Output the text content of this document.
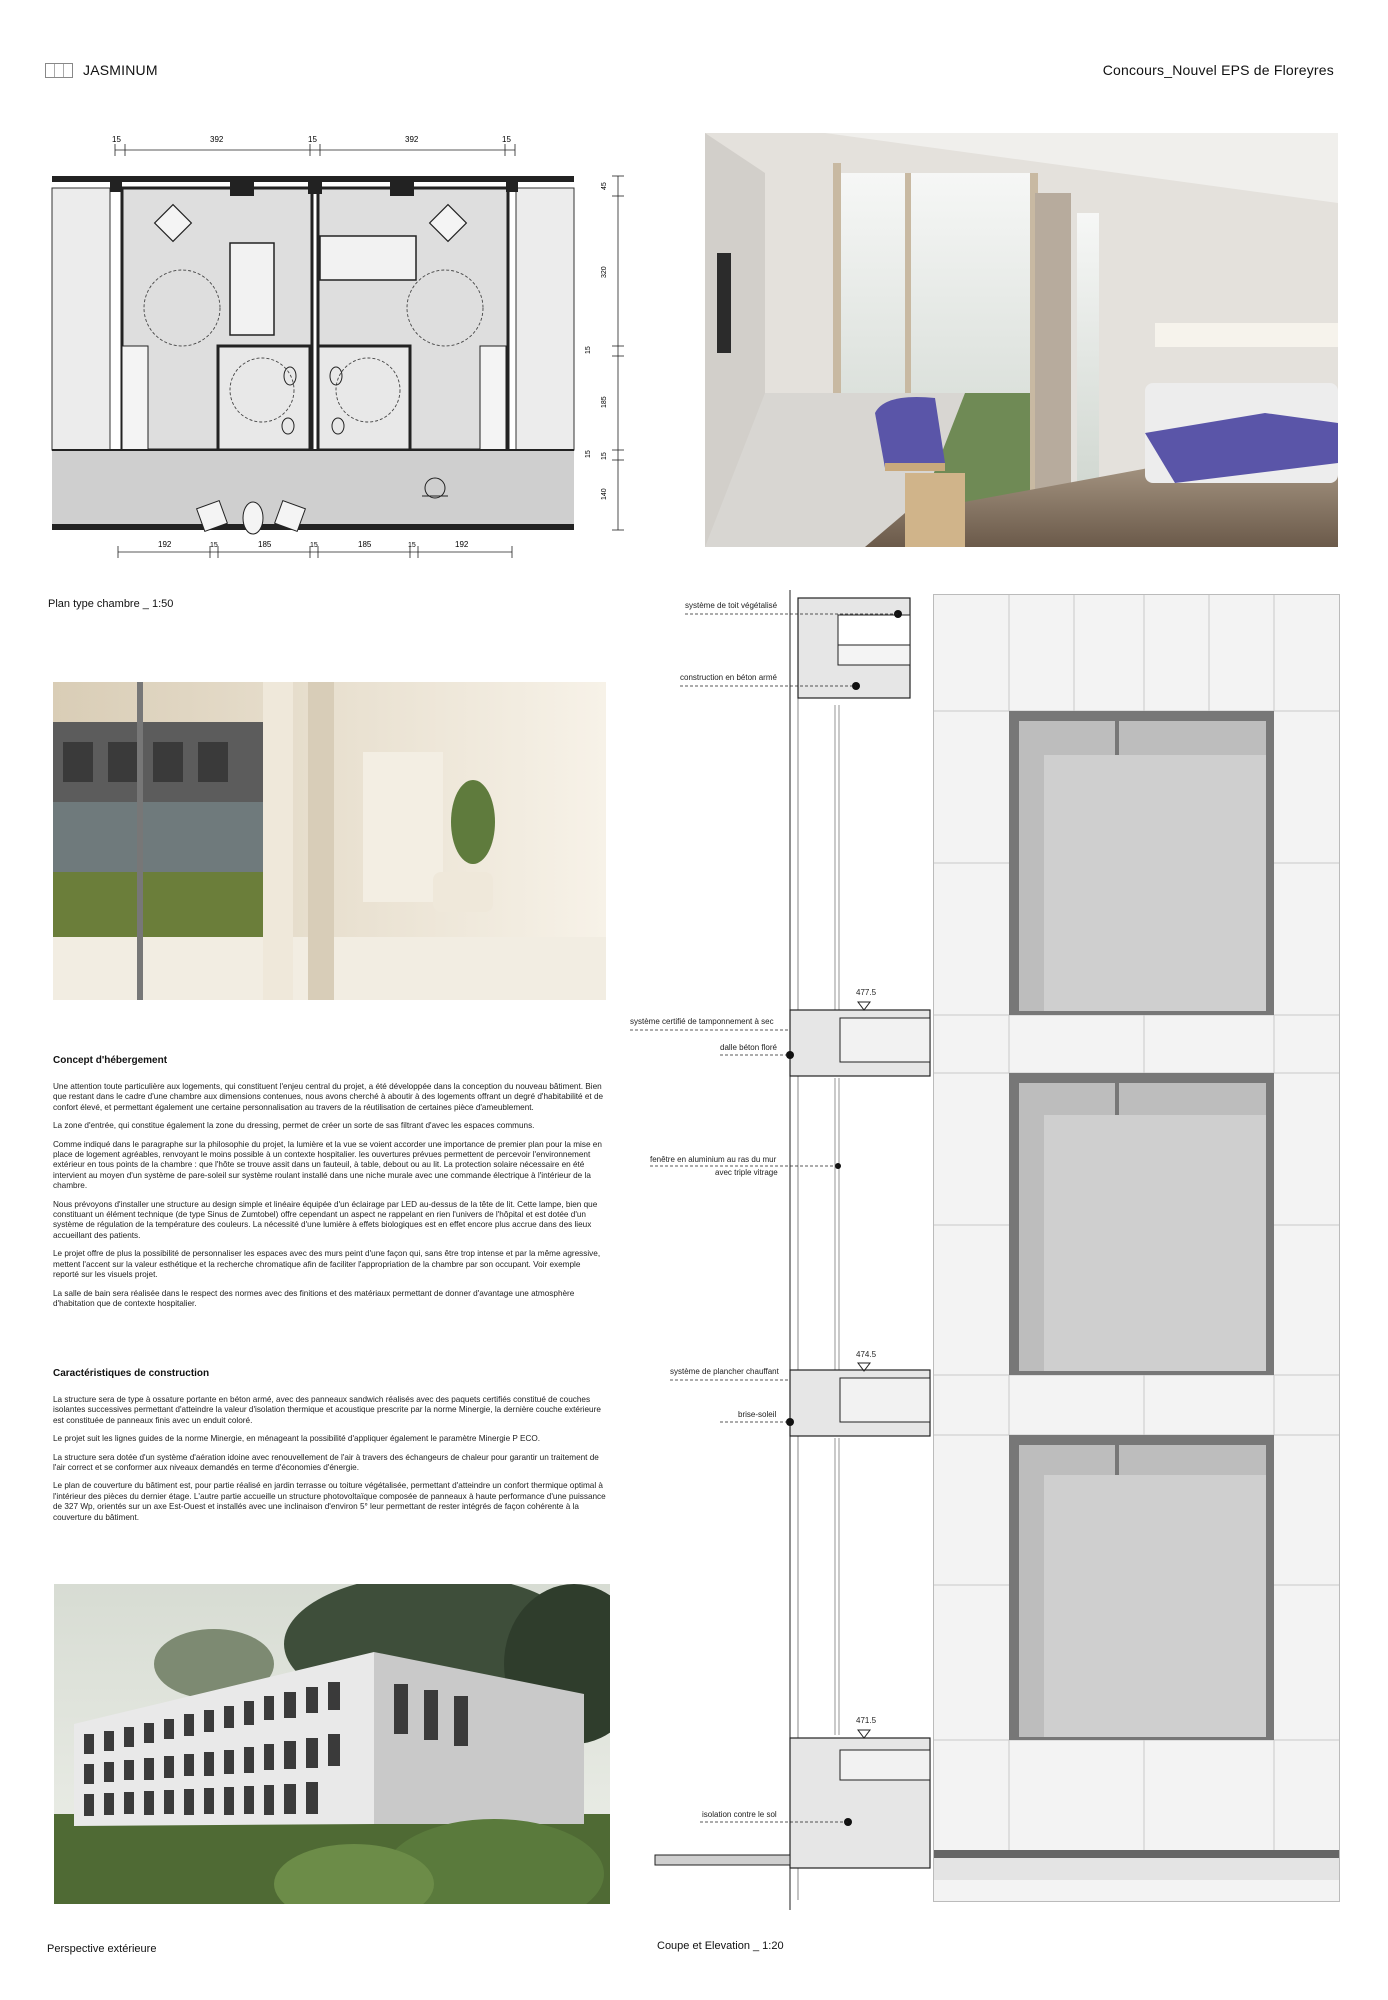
JASMINUM	Concours_Nouvel EPS de Floreyres
15	392	15	392	15
45
320
15
185
15 15
140
192	15	185	15	185	15	192
Plan type chambre _ 1:50
Concept d'hébergement

Une attention toute particulière aux logements, qui constituent l'enjeu central du projet, a été développée dans la conception du nouveau bâtiment. Bien que restant dans le cadre d'une chambre aux dimensions contenues, nous avons cherché à aboutir à des logements offrant un degré d'habitabilité et de confort élevé, et permettant également une certaine personnalisation au travers de la réutilisation de certaines pièce d'ameublement.

La zone d'entrée, qui constitue également la zone du dressing, permet de créer un sorte de sas filtrant d'avec les espaces communs.

Comme indiqué dans le paragraphe sur la philosophie du projet, la lumière et la vue se voient accorder une importance de premier plan pour la mise en place de logement agréables, renvoyant le moins possible à un contexte hospitalier. les ouvertures prévues permettent de percevoir l'environnement extérieur en tous points de la chambre : que l'hôte se trouve assit dans un fauteuil, à table, debout ou au lit. La protection solaire nécessaire en été intervient au moyen d'un système de pare-soleil sur système roulant installé dans une niche murale avec une commande électrique à l'intérieur de la chambre.

Nous prévoyons d'installer une structure au design simple et linéaire équipée d'un éclairage par LED au-dessus de la tête de lit. Cette lampe, bien que constituant un élément technique (de type Sinus de Zumtobel) offre cependant un aspect ne rappelant en rien l'univers de l'hôpital et est dotée d'un système de régulation de la température des couleurs. La nécessité d'une lumière à effets biologiques est en effet encore plus accrue dans des lieux accueillant des patients.

Le projet offre de plus la possibilité de personnaliser les espaces avec des murs peint d'une façon qui, sans être trop intense et par la même agressive, mettent l'accent sur la valeur esthétique et la recherche chromatique afin de faciliter l'appropriation de la chambre par son occupant. Voir exemple reporté sur les visuels projet.

La salle de bain sera réalisée dans le respect des normes avec des finitions et des matériaux permettant de donner d'avantage une atmosphère d'habitation que de contexte hospitalier.

Caractéristiques de construction

La structure sera de type à ossature portante en béton armé, avec des panneaux sandwich réalisés avec des paquets certifiés constitué de couches isolantes successives permettant d'atteindre la valeur d'isolation thermique et acoustique prescrite par la norme Minergie, la dernière couche extérieure est constituée de panneaux finis avec un enduit coloré.

Le projet suit les lignes guides de la norme Minergie, en ménageant la possibilité d'appliquer également le paramètre Minergie P ECO.

La structure sera dotée d'un système d'aération idoine avec renouvellement de l'air à travers des échangeurs de chaleur pour garantir un traitement de l'air correct et se conformer aux niveaux demandés en terme d'économies d'énergie.

Le plan de couverture du bâtiment est, pour partie réalisé en jardin terrasse ou toiture végétalisée, permettant d'atteindre un confort thermique optimal à l'intérieur des pièces du dernier étage. L'autre partie accueille un structure photovoltaïque composée de panneaux à haute performance d'une puissance de 327 Wp, orientés sur un axe Est-Ouest et installés avec une inclinaison d'environ 5° leur permettant de rester intégrés de façon cohérente à la couverture du bâtiment.

Perspective extérieure
système de toit végétalisé
construction en béton armé
système certifié de tamponnement à sec
dalle béton floré
fenêtre en aluminium au ras du mur
avec triple vitrage
système de plancher chauffant
brise-soleil
isolation contre le sol
477.5
474.5
471.5
Coupe et Elevation _ 1:20
